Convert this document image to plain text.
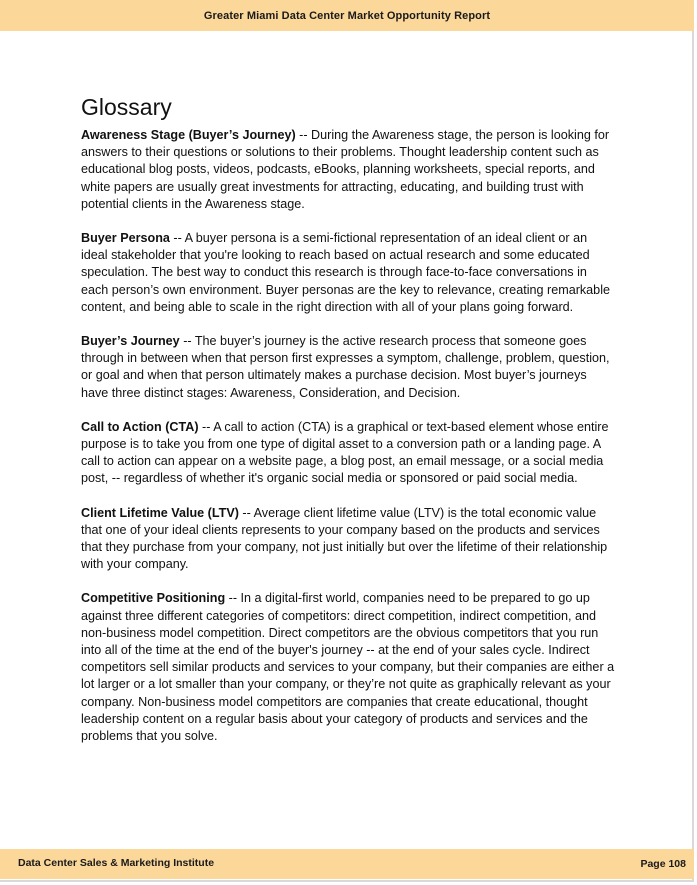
Greater Miami Data Center Market Opportunity Report
Glossary

Awareness Stage (Buyer’s Journey) -- During the Awareness stage, the person is looking for answers to their questions or solutions to their problems. Thought leadership content such as educational blog posts, videos, podcasts, eBooks, planning worksheets, special reports, and white papers are usually great investments for attracting, educating, and building trust with potential clients in the Awareness stage.

Buyer Persona -- A buyer persona is a semi-fictional representation of an ideal client or an ideal stakeholder that you're looking to reach based on actual research and some educated speculation. The best way to conduct this research is through face-to-face conversations in each person’s own environment. Buyer personas are the key to relevance, creating remarkable content, and being able to scale in the right direction with all of your plans going forward.

Buyer’s Journey -- The buyer’s journey is the active research process that someone goes through in between when that person first expresses a symptom, challenge, problem, question, or goal and when that person ultimately makes a purchase decision. Most buyer’s journeys have three distinct stages: Awareness, Consideration, and Decision.

Call to Action (CTA) -- A call to action (CTA) is a graphical or text-based element whose entire purpose is to take you from one type of digital asset to a conversion path or a landing page. A call to action can appear on a website page, a blog post, an email message, or a social media post, -- regardless of whether it's organic social media or sponsored or paid social media.

Client Lifetime Value (LTV) -- Average client lifetime value (LTV) is the total economic value that one of your ideal clients represents to your company based on the products and services that they purchase from your company, not just initially but over the lifetime of their relationship with your company.

Competitive Positioning -- In a digital-first world, companies need to be prepared to go up against three different categories of competitors: direct competition, indirect competition, and non-business model competition. Direct competitors are the obvious competitors that you run into all of the time at the end of the buyer's journey -- at the end of your sales cycle. Indirect competitors sell similar products and services to your company, but their companies are either a lot larger or a lot smaller than your company, or they’re not quite as graphically relevant as your company. Non-business model competitors are companies that create educational, thought leadership content on a regular basis about your category of products and services and the problems that you solve.

Data Center Sales & Marketing Institute	Page 108
